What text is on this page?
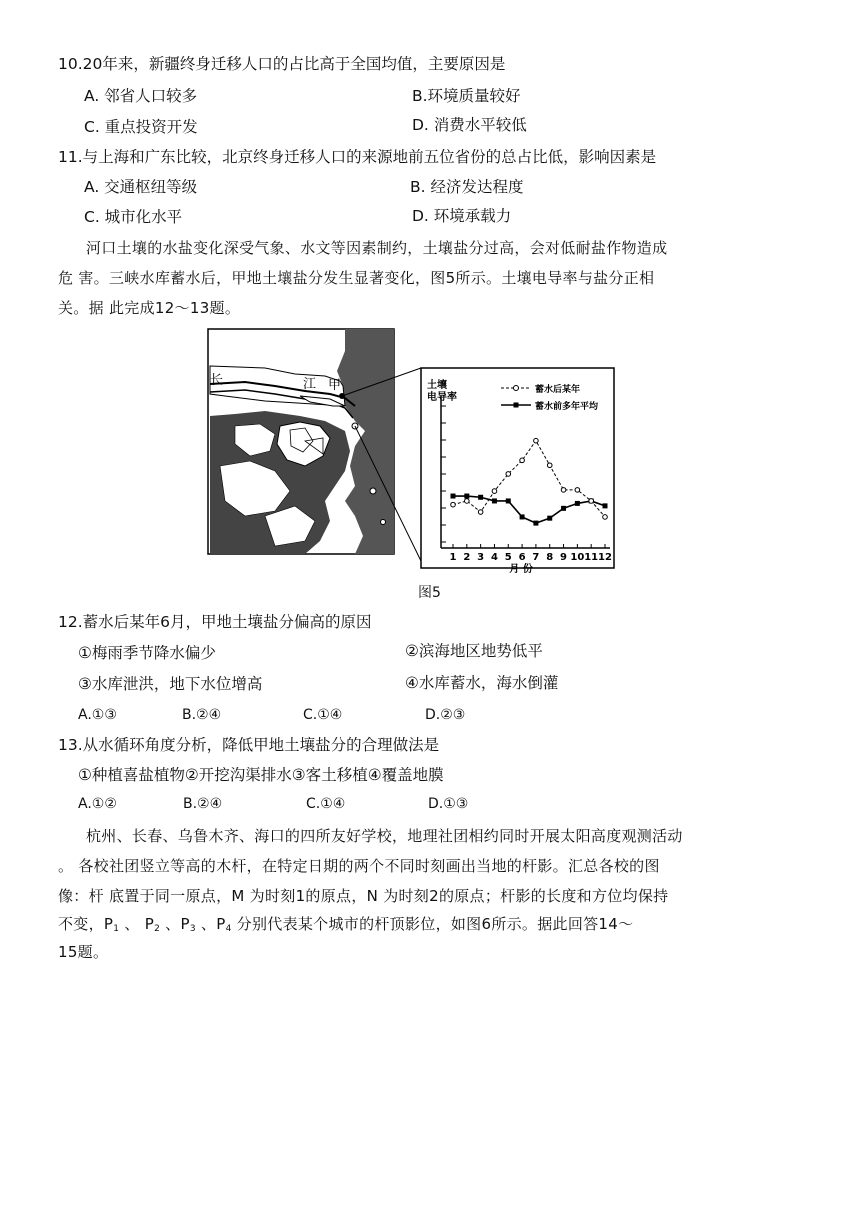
10.20年来，新疆终身迁移人口的占比高于全国均值，主要原因是
A. 邻省人口较多	B.环境质量较好
C. 重点投资开发	D. 消费水平较低
11.与上海和广东比较，北京终身迁移人口的来源地前五位省份的总占比低，影响因素是
A. 交通枢纽等级	B. 经济发达程度
C. 城市化水平	D. 环境承载力
河口土壤的水盐变化深受气象、水文等因素制约，土壤盐分过高，会对低耐盐作物造成
危 害。三峡水库蓄水后，甲地土壤盐分发生显著变化，图5所示。土壤电导率与盐分正相
关。据 此完成12～13题。
长	江 甲	土壤
电导率
1 2 3 4 5 6 7 8 9 10 11 12
月 份
蓄水后某年
蓄水前多年平均
图5
12.蓄水后某年6月，甲地土壤盐分偏高的原因
①梅雨季节降水偏少	②滨海地区地势低平
③水库泄洪，地下水位增高	④水库蓄水，海水倒灌
A.①③	B.②④	C.①④	D.②③
13.从水循环角度分析，降低甲地土壤盐分的合理做法是
①种植喜盐植物②开挖沟渠排水③客土移植④覆盖地膜
A.①②	B.②④	C.①④	D.①③
杭州、长春、乌鲁木齐、海口的四所友好学校，地理社团相约同时开展太阳高度观测活动
。 各校社团竖立等高的木杆，在特定日期的两个不同时刻画出当地的杆影。汇总各校的图
像：杆 底置于同一原点，M 为时刻1的原点，N 为时刻2的原点；杆影的长度和方位均保持
不变，$P_1$ 、 $P_2$ 、$P_3$ 、$P_4$ 分别代表某个城市的杆顶影位，如图6所示。据此回答14～
15题。
